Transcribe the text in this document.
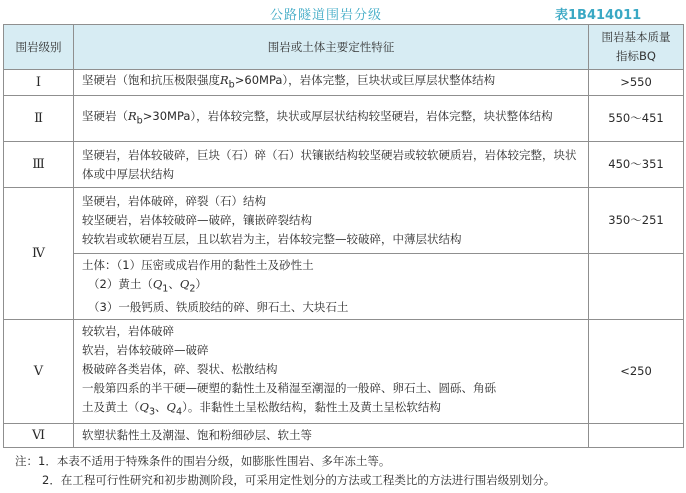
公路隧道围岩分级	表1B414011
围岩级别	围岩或土体主要定性特征	围岩基本质量
指标BQ

Ⅰ	坚硬岩（饱和抗压极限强度$R_b>60MPa$），岩体完整，巨块状或巨厚层状整体结构	>550
Ⅱ	坚硬岩$(R_b>30MPa)$，岩体较完整，块状或厚层状结构较坚硬岩，岩体完整，块状整体结构	550～451
Ⅲ	坚硬岩，岩体较破碎，巨块（石）碎（石）状镶嵌结构较坚硬岩或较软硬质岩，岩体较完整，块状体或中厚层状结构	450～351
Ⅳ	坚硬岩，岩体破碎，碎裂（石）结构
较坚硬岩，岩体较破碎—破碎，镶嵌碎裂结构
较软岩或软硬岩互层，且以软岩为主，岩体较完整—较破碎，中薄层状结构	350～251

	土体：（1）压密或成岩作用的黏性土及砂性土
（2）黄土（$Q_1$、$Q_2$）
（3）一般钙质、铁质胶结的碎、卵石土、大块石土	

Ⅴ	较软岩，岩体破碎
软岩，岩体较破碎—破碎
极破碎各类岩体，碎、裂状、松散结构
一般第四系的半干硬—硬塑的黏性土及稍湿至潮湿的一般碎、卵石土、圆砾、角砾
土及黄土（$Q_3$、$Q_4$）。非黏性土呈松散结构，黏性土及黄土呈松软结构	<250
Ⅵ	软塑状黏性土及潮湿、饱和粉细砂层、软土等	
注：1．本表不适用于特殊条件的围岩分级，如膨胀性围岩、多年冻土等。
2．在工程可行性研究和初步勘测阶段，可采用定性划分的方法或工程类比的方法进行围岩级别划分。
